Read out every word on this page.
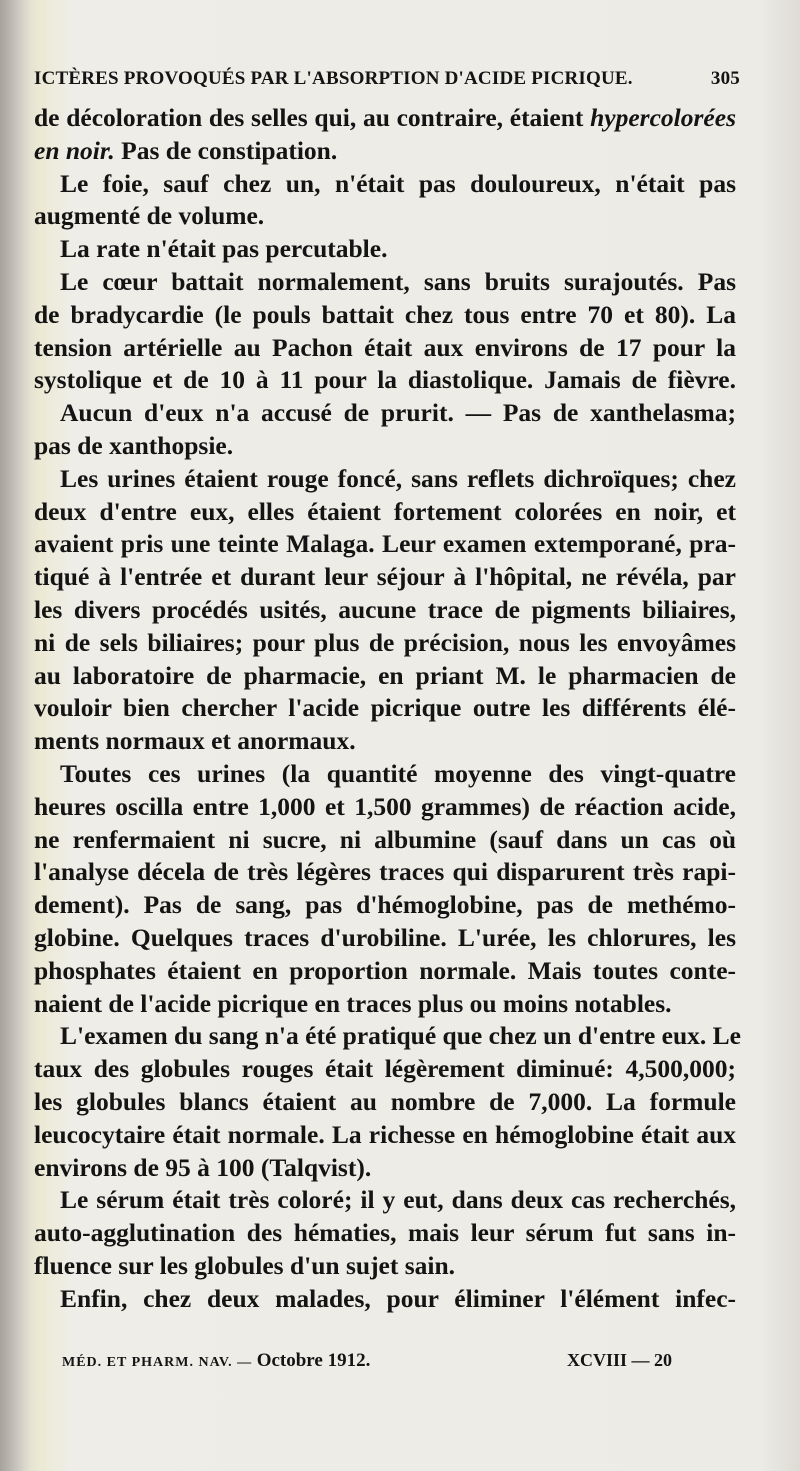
ICTÈRES PROVOQUÉS PAR L'ABSORPTION D'ACIDE PICRIQUE.	305
de décoloration des selles qui, au contraire, étaient hypercolorées
en noir. Pas de constipation.
Le foie, sauf chez un, n'était pas douloureux, n'était pas
augmenté de volume.
La rate n'était pas percutable.
Le cœur battait normalement, sans bruits surajoutés. Pas
de bradycardie (le pouls battait chez tous entre 70 et 80). La
tension artérielle au Pachon était aux environs de 17 pour la
systolique et de 10 à 11 pour la diastolique. Jamais de fièvre.
Aucun d'eux n'a accusé de prurit. — Pas de xanthelasma;
pas de xanthopsie.
Les urines étaient rouge foncé, sans reflets dichroïques; chez
deux d'entre eux, elles étaient fortement colorées en noir, et
avaient pris une teinte Malaga. Leur examen extemporané, pra-
tiqué à l'entrée et durant leur séjour à l'hôpital, ne révéla, par
les divers procédés usités, aucune trace de pigments biliaires,
ni de sels biliaires; pour plus de précision, nous les envoyâmes
au laboratoire de pharmacie, en priant M. le pharmacien de
vouloir bien chercher l'acide picrique outre les différents élé-
ments normaux et anormaux.
Toutes ces urines (la quantité moyenne des vingt-quatre
heures oscilla entre 1,000 et 1,500 grammes) de réaction acide,
ne renfermaient ni sucre, ni albumine (sauf dans un cas où
l'analyse décela de très légères traces qui disparurent très rapi-
dement). Pas de sang, pas d'hémoglobine, pas de methémo-
globine. Quelques traces d'urobiline. L'urée, les chlorures, les
phosphates étaient en proportion normale. Mais toutes conte-
naient de l'acide picrique en traces plus ou moins notables.
L'examen du sang n'a été pratiqué que chez un d'entre eux. Le
taux des globules rouges était légèrement diminué: 4,500,000;
les globules blancs étaient au nombre de 7,000. La formule
leucocytaire était normale. La richesse en hémoglobine était aux
environs de 95 à 100 (Talqvist).
Le sérum était très coloré; il y eut, dans deux cas recherchés,
auto-agglutination des hématies, mais leur sérum fut sans in-
fluence sur les globules d'un sujet sain.
Enfin, chez deux malades, pour éliminer l'élément infec-
MÉD. ET PHARM. NAV. — Octobre 1912.	XCVIII — 20
